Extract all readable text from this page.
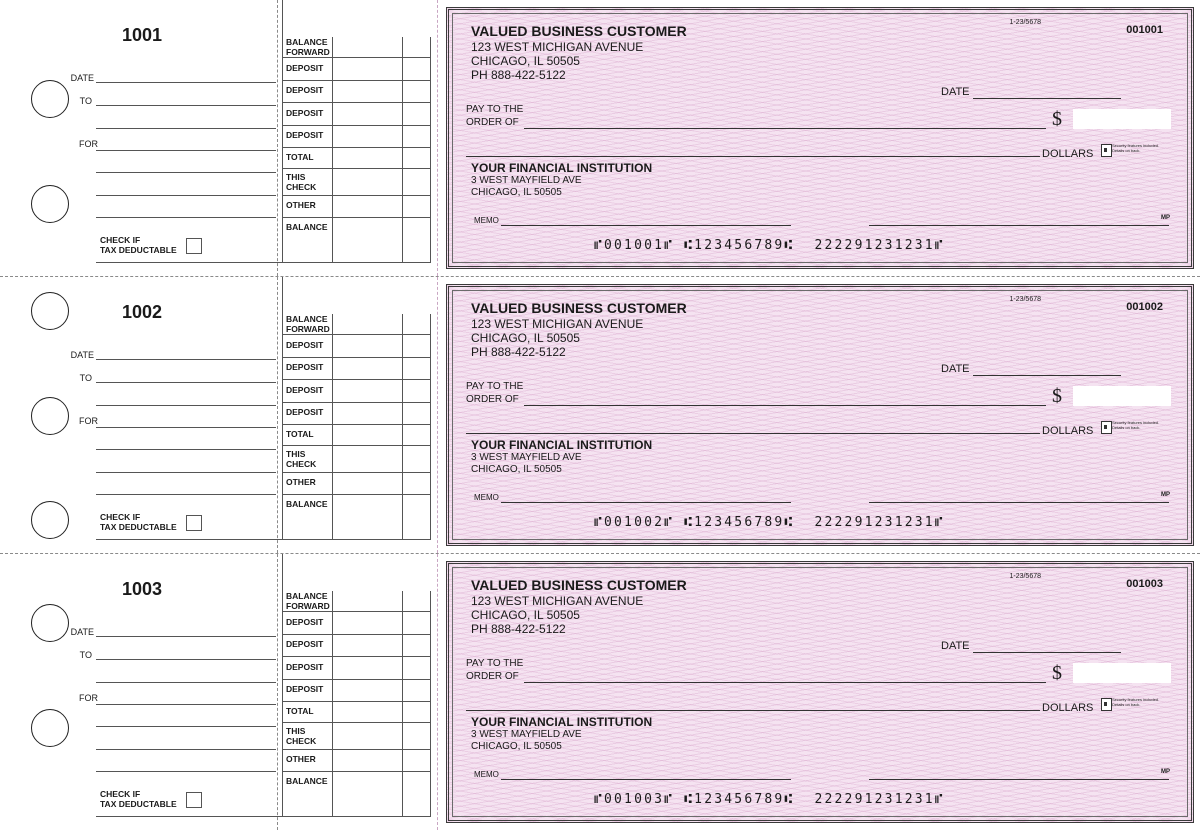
1001
DATE
TO
FOR
CHECK IF
TAX DEDUCTABLE
BALANCE
FORWARD
DEPOSIT
DEPOSIT
DEPOSIT
DEPOSIT
TOTAL
THIS
CHECK
OTHER
BALANCE
VALUED BUSINESS CUSTOMER
123 WEST MICHIGAN AVENUE
CHICAGO, IL 50505
PH 888-422-5122
1-23/5678
001001
DATE
PAY TO THE
ORDER OF	$
DOLLARS
Security features included. Details on back.
YOUR FINANCIAL INSTITUTION
3 WEST MAYFIELD AVE
CHICAGO, IL 50505
MEMO	MP
⑈001001⑈ ⑆123456789⑆  222291231231⑈
1002
DATE
TO
FOR
CHECK IF
TAX DEDUCTABLE
BALANCE
FORWARD
DEPOSIT
DEPOSIT
DEPOSIT
DEPOSIT
TOTAL
THIS
CHECK
OTHER
BALANCE
VALUED BUSINESS CUSTOMER
123 WEST MICHIGAN AVENUE
CHICAGO, IL 50505
PH 888-422-5122
1-23/5678
001002
DATE
PAY TO THE
ORDER OF	$
DOLLARS
Security features included. Details on back.
YOUR FINANCIAL INSTITUTION
3 WEST MAYFIELD AVE
CHICAGO, IL 50505
MEMO	MP
⑈001002⑈ ⑆123456789⑆  222291231231⑈
1003
DATE
TO
FOR
CHECK IF
TAX DEDUCTABLE
BALANCE
FORWARD
DEPOSIT
DEPOSIT
DEPOSIT
DEPOSIT
TOTAL
THIS
CHECK
OTHER
BALANCE
VALUED BUSINESS CUSTOMER
123 WEST MICHIGAN AVENUE
CHICAGO, IL 50505
PH 888-422-5122
1-23/5678
001003
DATE
PAY TO THE
ORDER OF	$
DOLLARS
Security features included. Details on back.
YOUR FINANCIAL INSTITUTION
3 WEST MAYFIELD AVE
CHICAGO, IL 50505
MEMO	MP
⑈001003⑈ ⑆123456789⑆  222291231231⑈
